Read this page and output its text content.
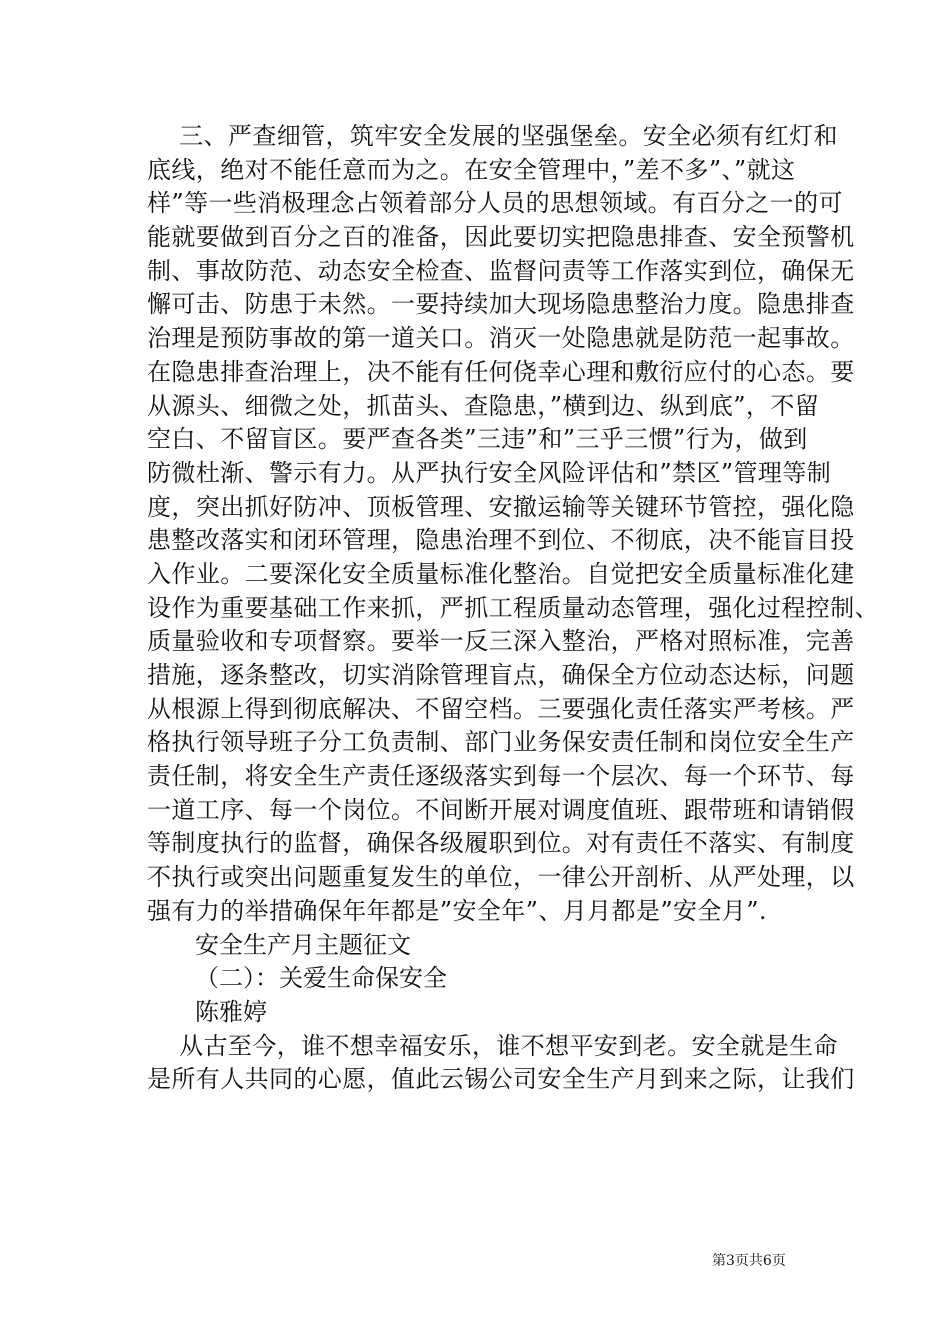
三、严查细管，筑牢安全发展的坚强堡垒。安全必须有红灯和
底线，绝对不能任意而为之。在安全管理中，”差不多”、”就这
样”等一些消极理念占领着部分人员的思想领域。有百分之一的可
能就要做到百分之百的准备，因此要切实把隐患排查、安全预警机
制、事故防范、动态安全检查、监督问责等工作落实到位，确保无
懈可击、防患于未然。一要持续加大现场隐患整治力度。隐患排查
治理是预防事故的第一道关口。消灭一处隐患就是防范一起事故。
在隐患排查治理上，决不能有任何侥幸心理和敷衍应付的心态。要
从源头、细微之处，抓苗头、查隐患，”横到边、纵到底”，不留
空白、不留盲区。要严查各类”三违”和”三乎三惯”行为，做到
防微杜渐、警示有力。从严执行安全风险评估和”禁区”管理等制
度，突出抓好防冲、顶板管理、安撤运输等关键环节管控，强化隐
患整改落实和闭环管理，隐患治理不到位、不彻底，决不能盲目投
入作业。二要深化安全质量标准化整治。自觉把安全质量标准化建
设作为重要基础工作来抓，严抓工程质量动态管理，强化过程控制、
质量验收和专项督察。要举一反三深入整治，严格对照标准，完善
措施，逐条整改，切实消除管理盲点，确保全方位动态达标，问题
从根源上得到彻底解决、不留空档。三要强化责任落实严考核。严
格执行领导班子分工负责制、部门业务保安责任制和岗位安全生产
责任制，将安全生产责任逐级落实到每一个层次、每一个环节、每
一道工序、每一个岗位。不间断开展对调度值班、跟带班和请销假
等制度执行的监督，确保各级履职到位。对有责任不落实、有制度
不执行或突出问题重复发生的单位，一律公开剖析、从严处理，以
强有力的举措确保年年都是”安全年”、月月都是”安全月”.
安全生产月主题征文
（二）：关爱生命保安全
陈雅婷
从古至今，谁不想幸福安乐，谁不想平安到老。安全就是生命
是所有人共同的心愿，值此云锡公司安全生产月到来之际，让我们
第3页共6页
